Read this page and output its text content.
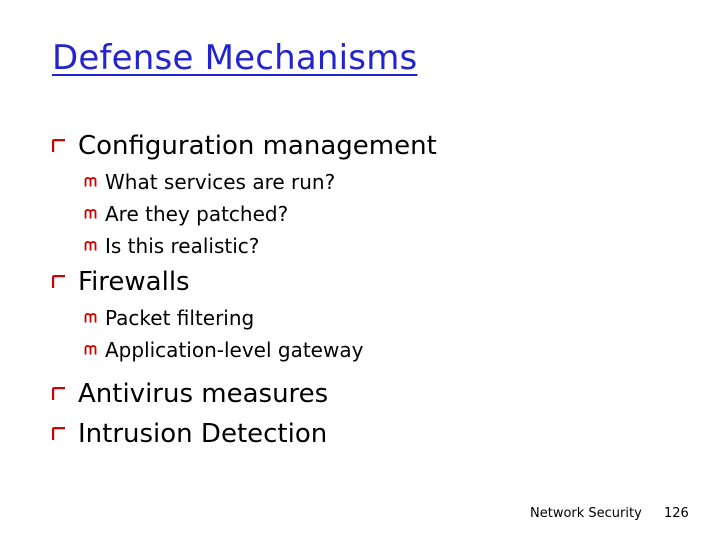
Defense Mechanisms
Configuration management
What services are run?
Are they patched?
Is this realistic?
Firewalls
Packet filtering
Application-level gateway
Antivirus measures
Intrusion Detection
Network Security 126
